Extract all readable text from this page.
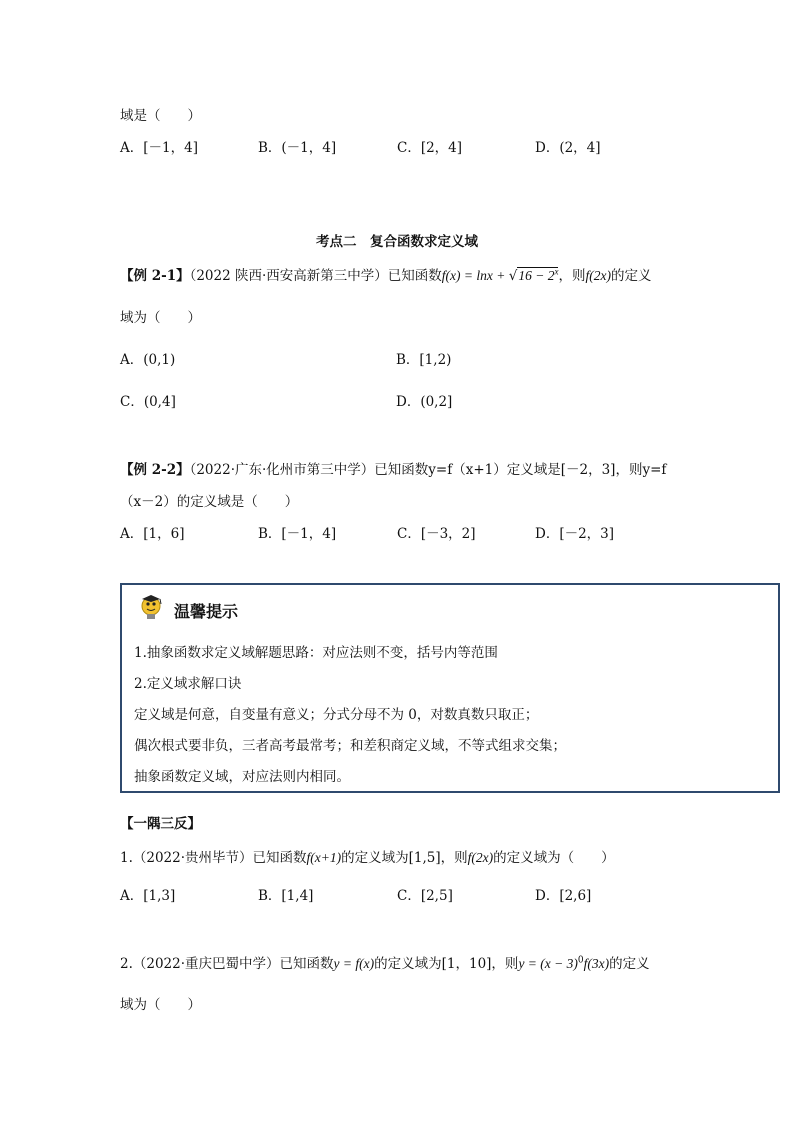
域是（　　）
A．[－1，4]	B．(－1，4]	C．[2，4]	D．(2，4]
考点二　复合函数求定义域
【例 2-1】（2022 陕西·西安高新第三中学）已知函数$f(x) = \ln x + √16 - 2^x$，则f(2x)的定义
域为（　　）
A．(0,1)	B．[1,2)
C．(0,4]	D．(0,2]
【例 2-2】（2022·广东·化州市第三中学）已知函数y=f（x+1）定义域是[－2，3]，则y=f
（x－2）的定义域是（　　）
A．[1，6]	B．[－1，4]	C．[－3，2]	D．[－2，3]
温馨提示
1.抽象函数求定义域解题思路：对应法则不变，括号内等范围
2.定义域求解口诀
定义域是何意，自变量有意义；分式分母不为 0，对数真数只取正；
偶次根式要非负，三者高考最常考；和差积商定义域，不等式组求交集；
抽象函数定义域，对应法则内相同。
【一隅三反】
1.（2022·贵州毕节）已知函数f(x+1)的定义域为[1,5]，则f(2x)的定义域为（　　）
A．[1,3]	B．[1,4]	C．[2,5]	D．[2,6]
2.（2022·重庆巴蜀中学）已知函数y = f(x)的定义域为[1，10]，则$y = (x - 3)^0f(3x)$的定义
域为（　　）
